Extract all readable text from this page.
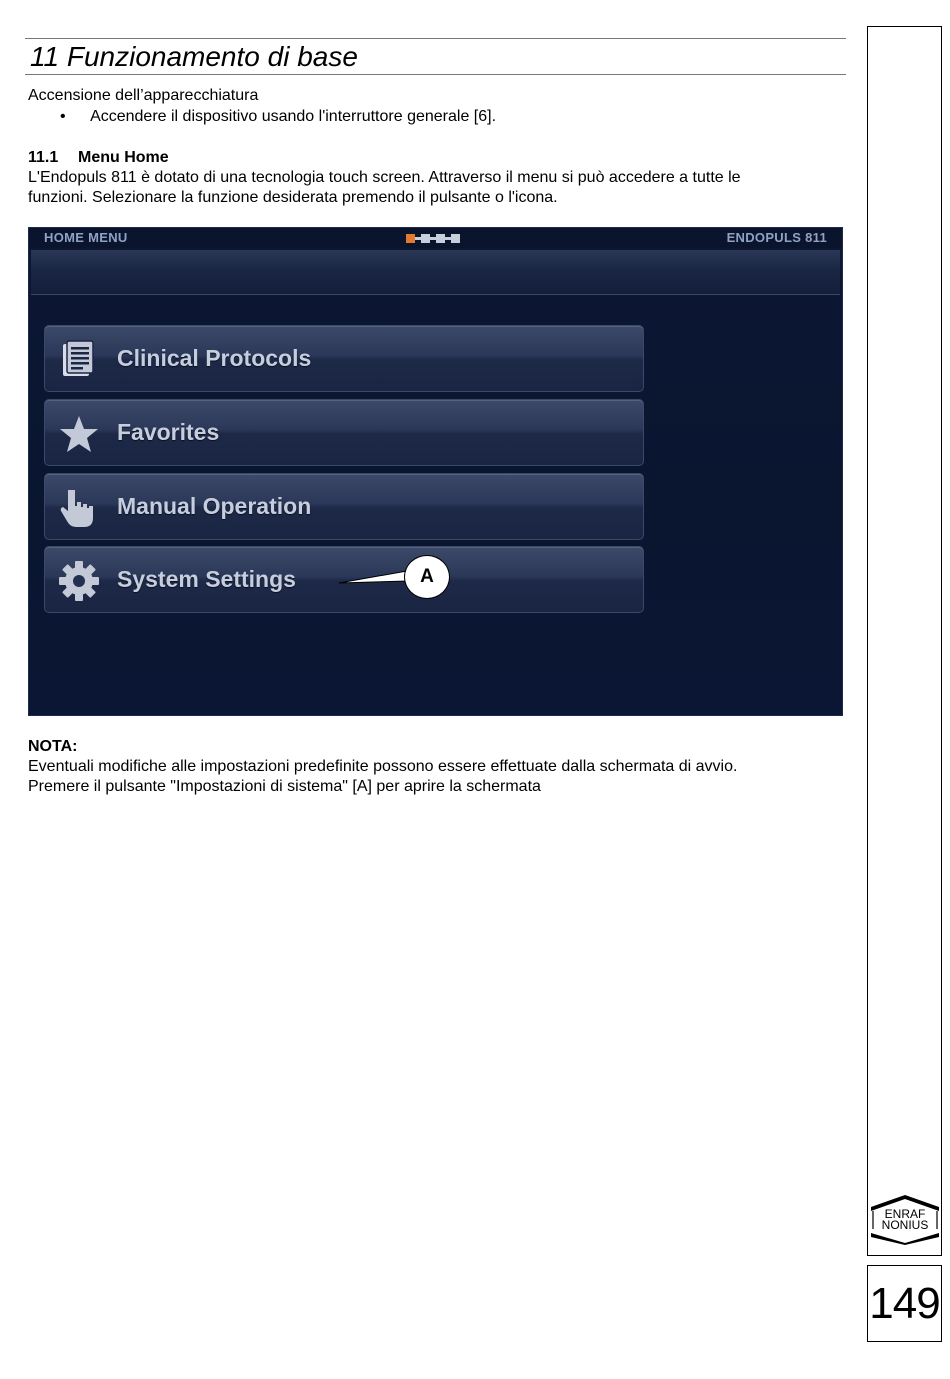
11 Funzionamento di base
Accensione dell’apparecchiatura
• Accendere il dispositivo usando l'interruttore generale [6].
11.1 Menu Home
L'Endopuls 811 è dotato di una tecnologia touch screen. Attraverso il menu si può accedere a tutte le
funzioni. Selezionare la funzione desiderata premendo il pulsante o l'icona.
HOME MENU	ENDOPULS 811
Clinical Protocols
Favorites
Manual Operation
System Settings	A
NOTA:
Eventuali modifiche alle impostazioni predefinite possono essere effettuate dalla schermata di avvio.
Premere il pulsante "Impostazioni di sistema" [A] per aprire la schermata
ENRAF
NONIUS
149
